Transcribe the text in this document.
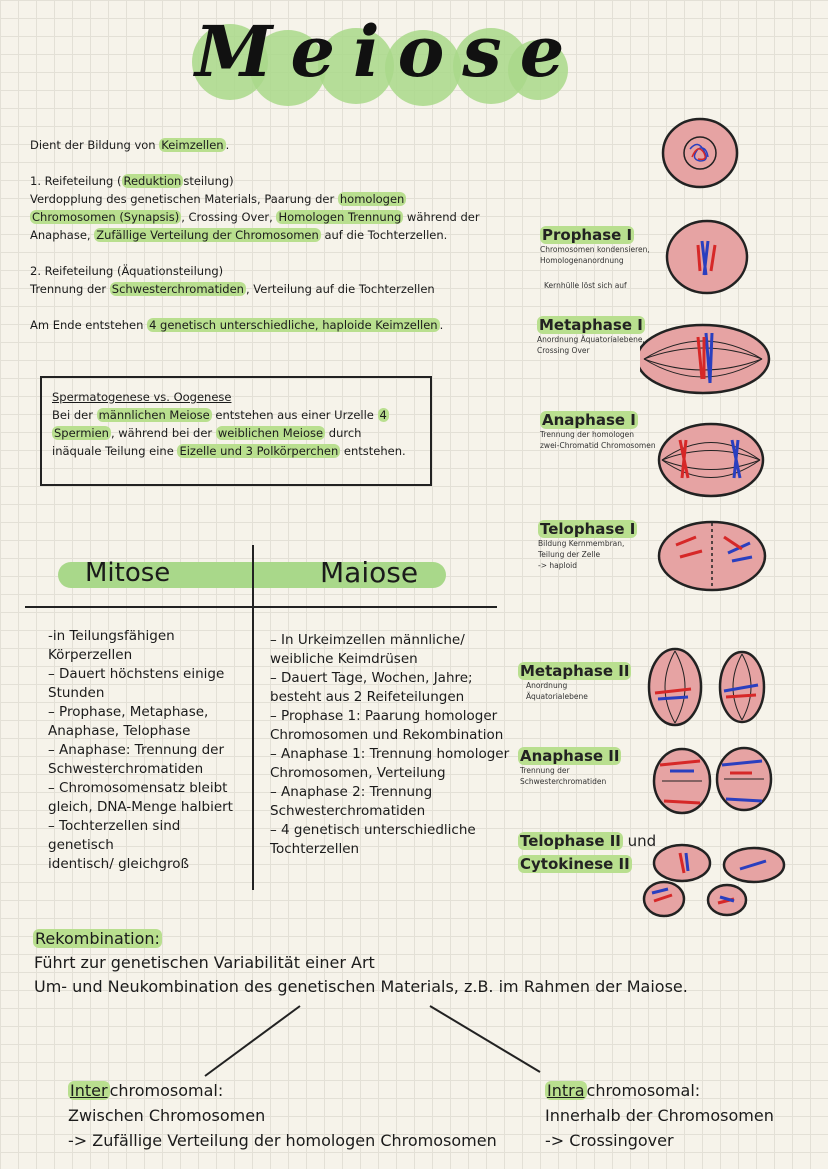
Meiose
Dient der Bildung von Keimzellen .
1. Reifeteilung ( Reduktion steilung)
Verdopplung des genetischen Materials, Paarung der homologen
Chromosomen (Synapsis) , Crossing Over, Homologen Trennung während der
Anaphase, Zufällige Verteilung der Chromosomen auf die Tochterzellen.
2. Reifeteilung (Äquationsteilung)
Trennung der Schwesterchromatiden , Verteilung auf die Tochterzellen
Am Ende entstehen 4 genetisch unterschiedliche, haploide Keimzellen .
Spermatogenese vs. Oogenese
Bei der männlichen Meiose entstehen aus einer Urzelle 4
Spermien , während bei der weiblichen Meiose durch
inäquale Teilung eine Eizelle und 3 Polkörperchen entstehen.
Mitose	Maiose
-in Teilungsfähigen
Körperzellen
– Dauert höchstens einige
Stunden
– Prophase, Metaphase,
Anaphase, Telophase
– Anaphase: Trennung der
Schwesterchromatiden
– Chromosomensatz bleibt
gleich, DNA-Menge halbiert
– Tochterzellen sind genetisch
identisch/ gleichgroß
– In Urkeimzellen männliche/
weibliche Keimdrüsen
– Dauert Tage, Wochen, Jahre;
besteht aus 2 Reifeteilungen
– Prophase 1: Paarung homologer
Chromosomen und Rekombination
– Anaphase 1: Trennung homologer
Chromosomen, Verteilung
– Anaphase 2: Trennung
Schwesterchromatiden
– 4 genetisch unterschiedliche
Tochterzellen
Prophase I
Chromosomen kondensieren,
Homologenanordnung
Kernhülle löst sich auf
Metaphase I
Anordnung Äquatorialebene,
Crossing Over
Anaphase I
Trennung der homologen
zwei-Chromatid Chromosomen
Telophase I
Bildung Kernmembran,
Teilung der Zelle
-> haploid
Metaphase II
Anordnung
Äquatorialebene
Anaphase II
Trennung der
Schwesterchromatiden
Telophase II und
Cytokinese II
Rekombination:
Führt zur genetischen Variabilität einer Art
Um- und Neukombination des genetischen Materials, z.B. im Rahmen der Maiose.
Inter chromosomal:
Zwischen Chromosomen
-> Zufällige Verteilung der homologen Chromosomen
Intra chromosomal:
Innerhalb der Chromosomen
-> Crossingover
